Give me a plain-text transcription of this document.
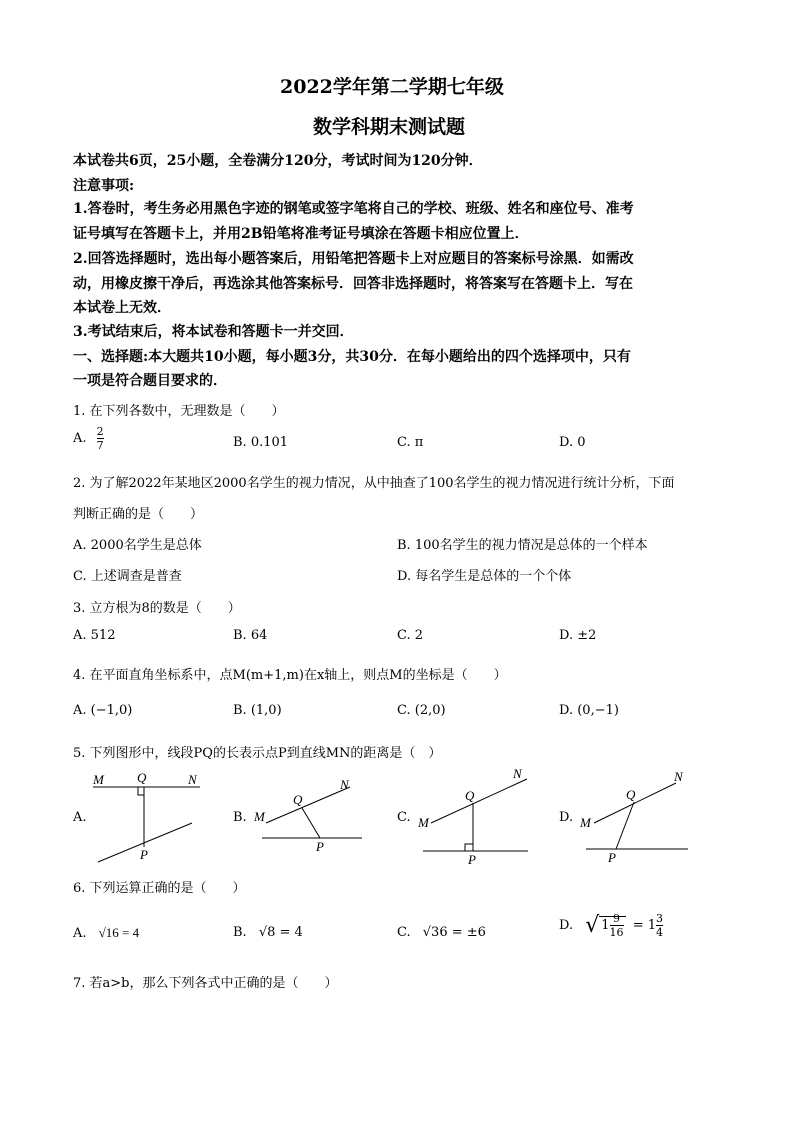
2022学年第二学期七年级
数学科期末测试题
本试卷共6页，25小题，全卷满分120分，考试时间为120分钟．
注意事项:
1.答卷时，考生务必用黑色字迹的钢笔或签字笔将自己的学校、班级、姓名和座位号、准考
证号填写在答题卡上，并用2B铅笔将准考证号填涂在答题卡相应位置上．
2.回答选择题时，选出每小题答案后，用铅笔把答题卡上对应题目的答案标号涂黑．如需改
动，用橡皮擦干净后，再选涂其他答案标号．回答非选择题时，将答案写在答题卡上．写在
本试卷上无效．
3.考试结束后，将本试卷和答题卡一并交回．
一、选择题:本大题共10小题，每小题3分，共30分．在每小题给出的四个选择项中，只有
一项是符合题目要求的．
1. 在下列各数中，无理数是（　　）
A. $\frac{2}{7}$	B. 0.101	C. π	D. 0
2. 为了解2022年某地区2000名学生的视力情况，从中抽查了100名学生的视力情况进行统计分析，下面
判断正确的是（　　）
A. 2000名学生是总体	B. 100名学生的视力情况是总体的一个样本
C. 上述调查是普查	D. 每名学生是总体的一个个体
3. 立方根为8的数是（　　）
A. 512	B. 64	C. 2	D. ±2
4. 在平面直角坐标系中，点M(m+1,m)在x轴上，则点M的坐标是（　　）
A. (−1,0)	B. (1,0)	C. (2,0)	D. (0,−1)
5. 下列图形中，线段PQ的长表示点P到直线MN的距离是（　）
A.
M	Q	N
P
B. M
Q
N
P
C. M
Q
N
P
D. M
Q
N
P
6. 下列运算正确的是（　　）
A. √16 = 4	B. √8 = 4	C. √36 = ±6	D. √ $1 \frac{9}{16} = 1 \frac{3}{4}$
7. 若a>b，那么下列各式中正确的是（　　）
